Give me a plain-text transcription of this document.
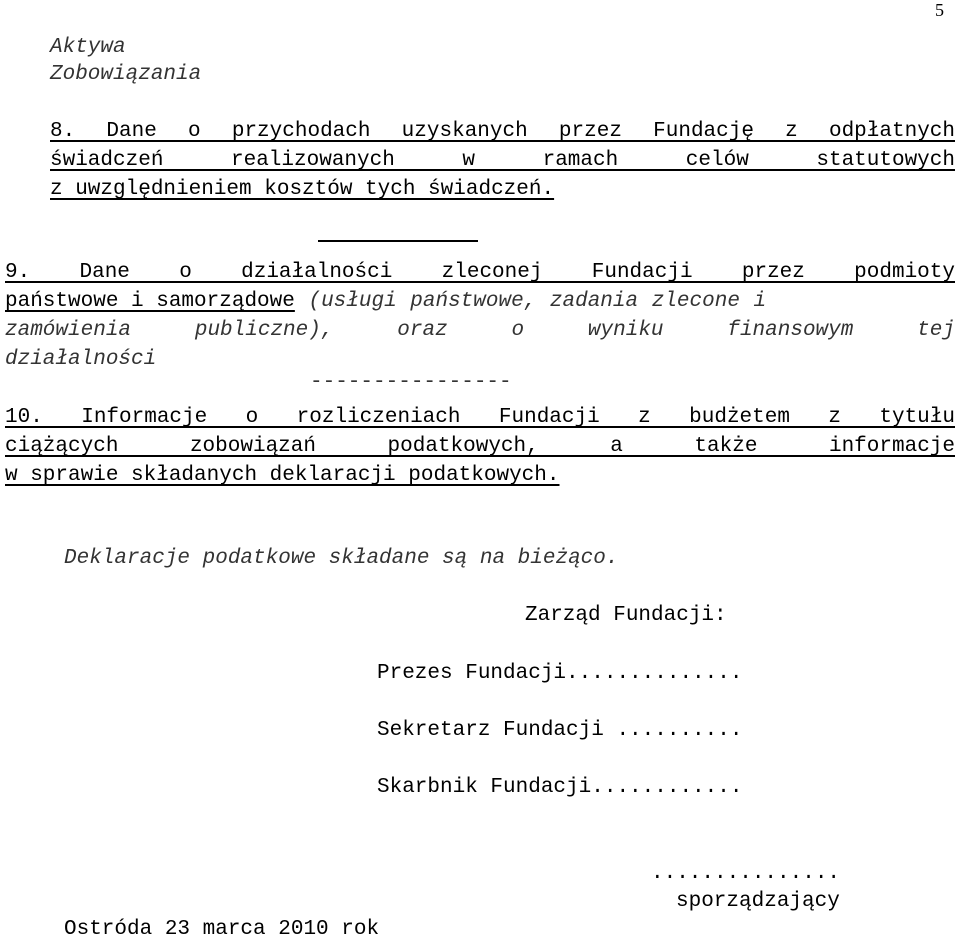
5
Aktywa
Zobowiązania
8. Dane o przychodach uzyskanych przez Fundację z odpłatnych
świadczeń realizowanych w ramach celów statutowych
z uwzględnieniem kosztów tych świadczeń.
9. Dane o działalności zleconej Fundacji przez podmioty
państwowe i samorządowe (usługi państwowe, zadania zlecone i
zamówienia publiczne), oraz o wyniku finansowym tej
działalności
----------------
10. Informacje o rozliczeniach Fundacji z budżetem z tytułu
ciążących zobowiązań podatkowych, a także informacje
w sprawie składanych deklaracji podatkowych.
Deklaracje podatkowe składane są na bieżąco.
Zarząd Fundacji:
Prezes Fundacji..............
Sekretarz Fundacji ..........
Skarbnik Fundacji............
...............
sporządzający
Ostróda 23 marca 2010 rok
